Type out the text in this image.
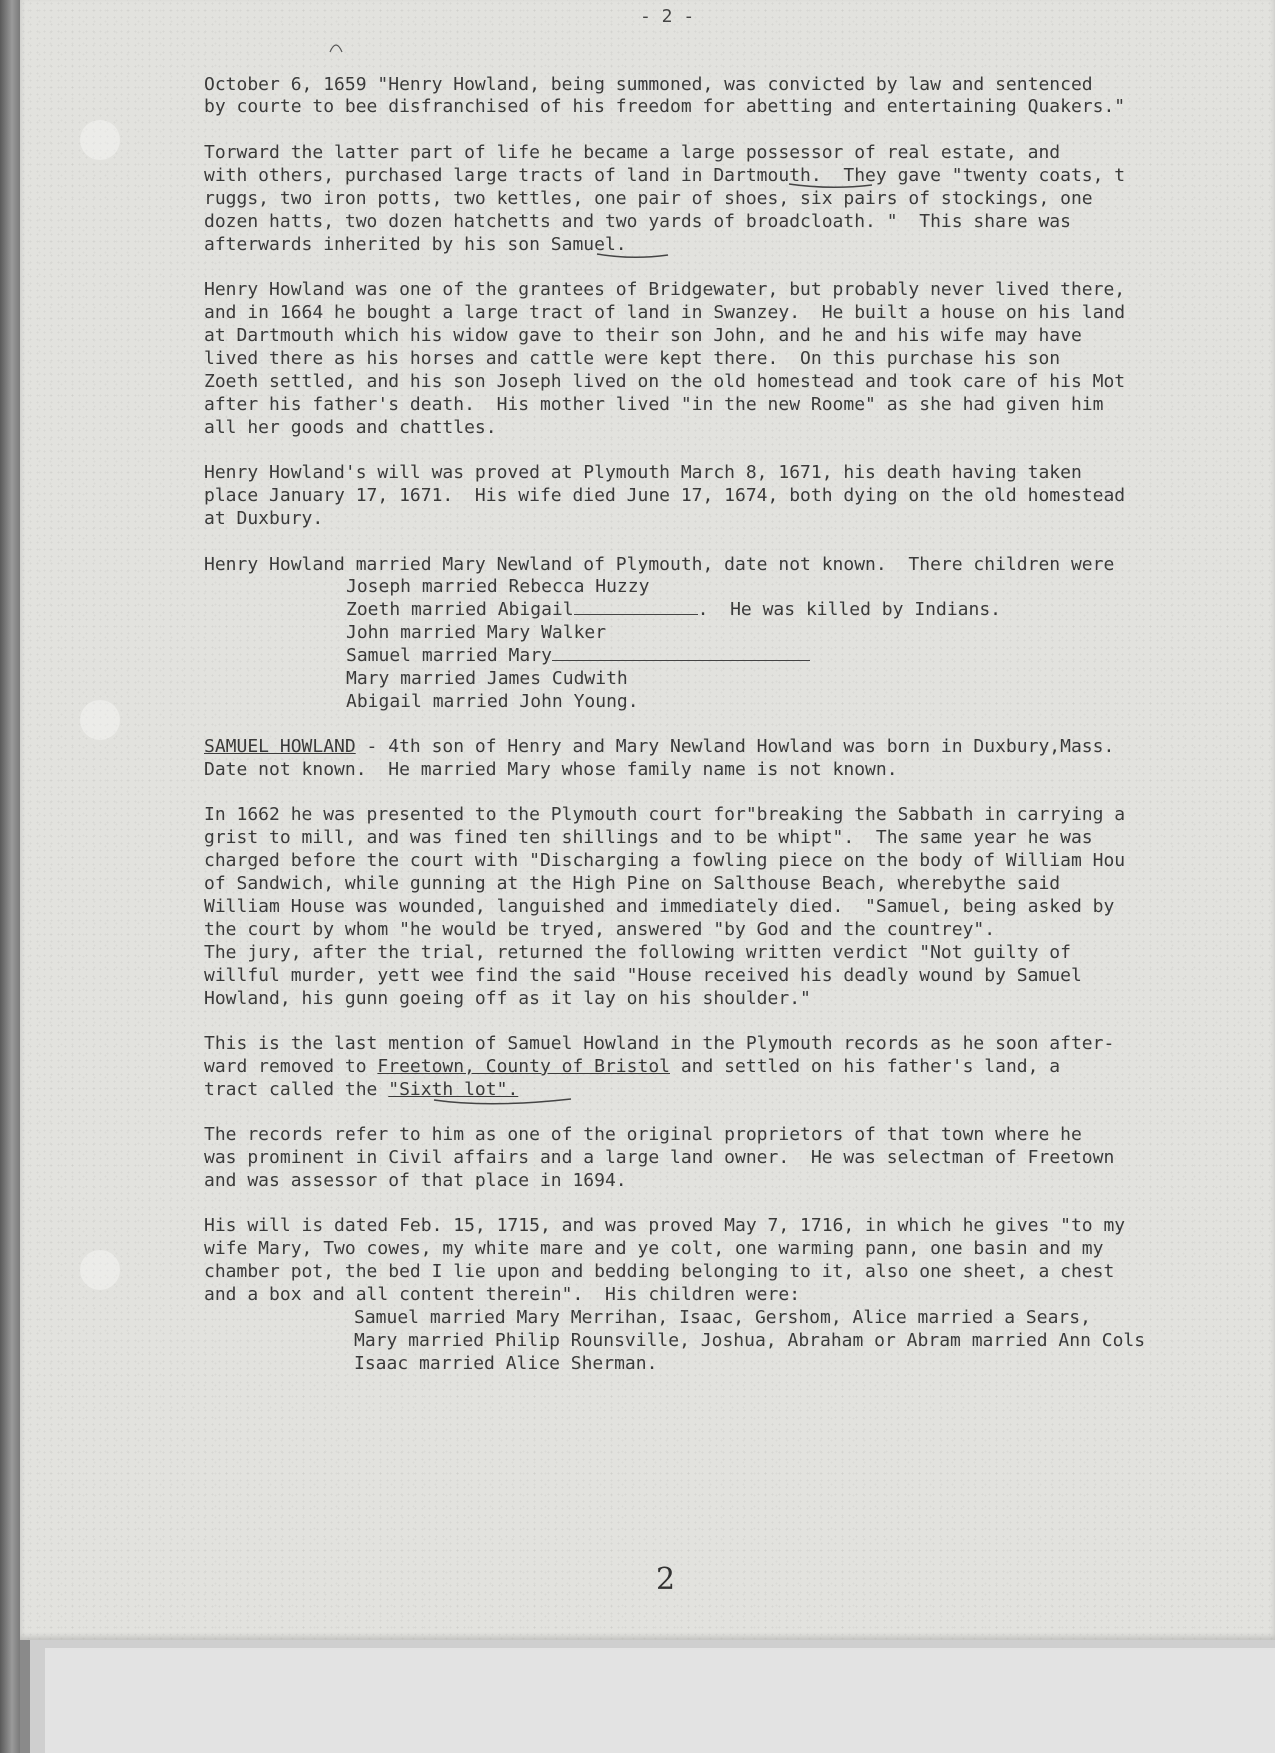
- 2 -

October 6, 1659 "Henry Howland, being summoned, was convicted by law and sentenced

by courte to bee disfranchised of his freedom for abetting and entertaining Quakers."

Torward the latter part of life he became a large possessor of real estate, and

with others, purchased large tracts of land in Dartmouth.  They gave "twenty coats, t

ruggs, two iron potts, two kettles, one pair of shoes, six pairs of stockings, one

dozen hatts, two dozen hatchetts and two yards of broadcloath. "  This share was

afterwards inherited by his son Samuel.

Henry Howland was one of the grantees of Bridgewater, but probably never lived there,

and in 1664 he bought a large tract of land in Swanzey.  He built a house on his land

at Dartmouth which his widow gave to their son John, and he and his wife may have

lived there as his horses and cattle were kept there.  On this purchase his son

Zoeth settled, and his son Joseph lived on the old homestead and took care of his Mot

after his father's death.  His mother lived "in the new Roome" as she had given him

all her goods and chattles.

Henry Howland's will was proved at Plymouth March 8, 1671, his death having taken

place January 17, 1671.  His wife died June 17, 1674, both dying on the old homestead

at Duxbury.

Henry Howland married Mary Newland of Plymouth, date not known.  There children were

Joseph married Rebecca Huzzy

Zoeth married Abigail	.  He was killed by Indians.

John married Mary Walker

Samuel married Mary

Mary married James Cudwith

Abigail married John Young.

SAMUEL HOWLAND - 4th son of Henry and Mary Newland Howland was born in Duxbury,Mass.

Date not known.  He married Mary whose family name is not known.

In 1662 he was presented to the Plymouth court for"breaking the Sabbath in carrying a

grist to mill, and was fined ten shillings and to be whipt".  The same year he was

charged before the court with "Discharging a fowling piece on the body of William Hou

of Sandwich, while gunning at the High Pine on Salthouse Beach, wherebythe said

William House was wounded, languished and immediately died.  "Samuel, being asked by

the court by whom "he would be tryed, answered "by God and the countrey".

The jury, after the trial, returned the following written verdict "Not guilty of

willful murder, yett wee find the said "House received his deadly wound by Samuel

Howland, his gunn goeing off as it lay on his shoulder."

This is the last mention of Samuel Howland in the Plymouth records as he soon after-

ward removed to Freetown, County of Bristol and settled on his father's land, a

tract called the "Sixth lot".

The records refer to him as one of the original proprietors of that town where he

was prominent in Civil affairs and a large land owner.  He was selectman of Freetown

and was assessor of that place in 1694.

His will is dated Feb. 15, 1715, and was proved May 7, 1716, in which he gives "to my

wife Mary, Two cowes, my white mare and ye colt, one warming pann, one basin and my

chamber pot, the bed I lie upon and bedding belonging to it, also one sheet, a chest

and a box and all content therein".  His children were:

Samuel married Mary Merrihan, Isaac, Gershom, Alice married a Sears,

Mary married Philip Rounsville, Joshua, Abraham or Abram married Ann Cols

Isaac married Alice Sherman.

2
